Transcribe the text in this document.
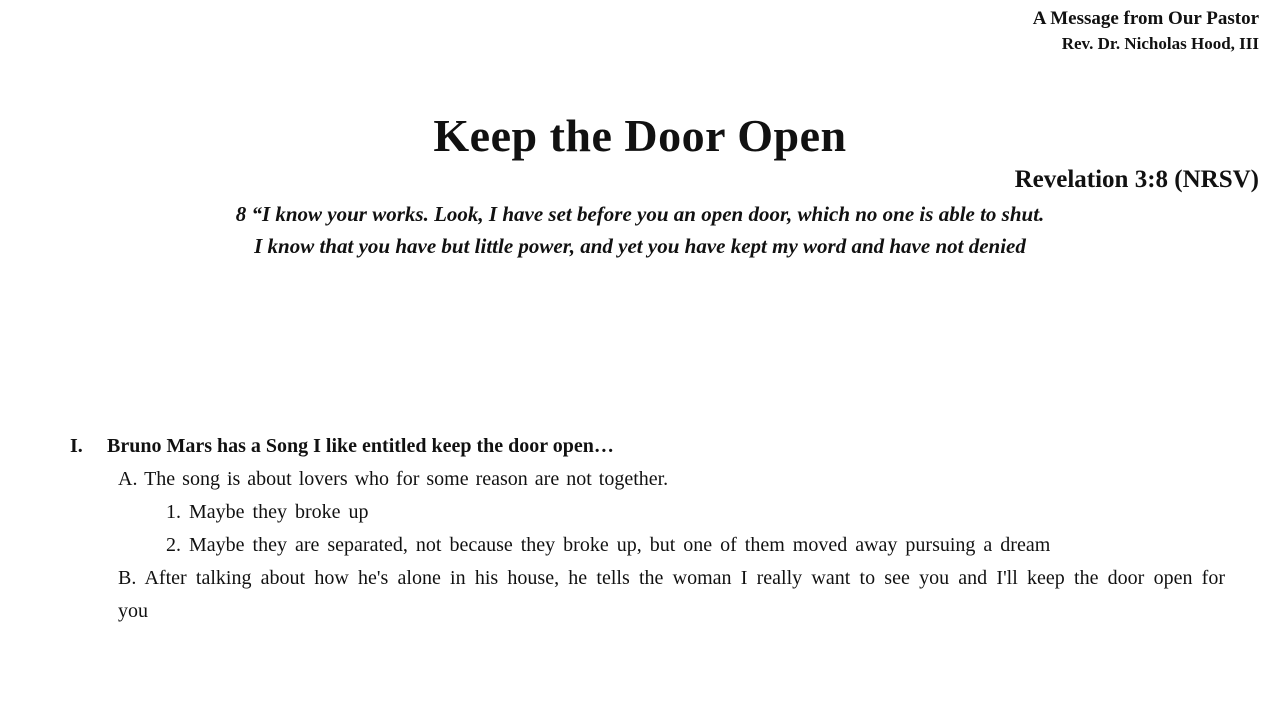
A Message from Our Pastor
Rev. Dr. Nicholas Hood, III
Keep the Door Open
Revelation 3:8 (NRSV)
8 “I know your works. Look, I have set before you an open door, which no one is able to shut.
I know that you have but little power, and yet you have kept my word and have not denied
I. Bruno Mars has a Song I like entitled keep the door open…
A. The song is about lovers who for some reason are not together.
1. Maybe they broke up
2. Maybe they are separated, not because they broke up, but one of them moved away pursuing a dream
B. After talking about how he's alone in his house, he tells the woman I really want to see you and I'll keep the door open for you
